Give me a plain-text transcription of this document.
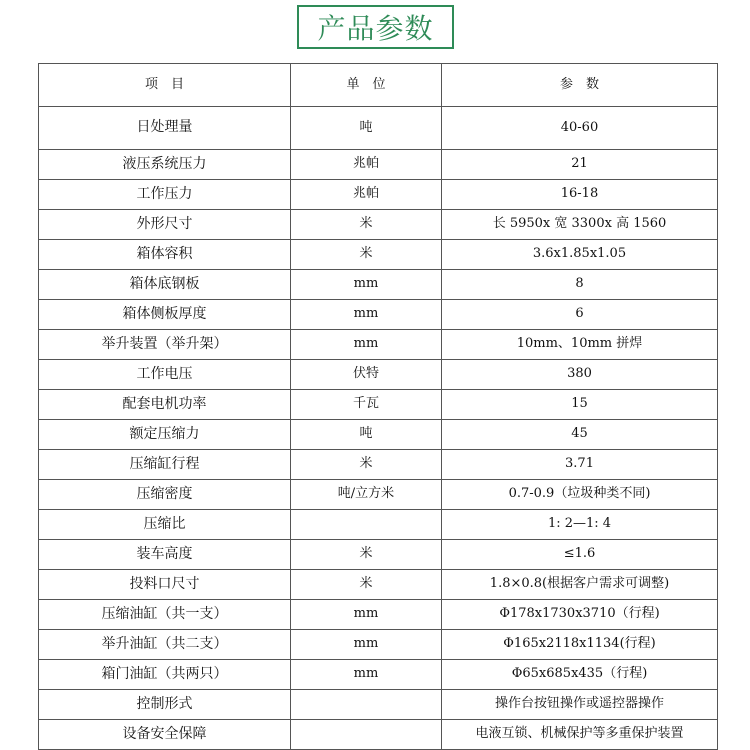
产品参数
项　目	单　位	参　数
日处理量	吨	40-60
液压系统压力	兆帕	21
工作压力	兆帕	16-18
外形尺寸	米	长 5950x 宽 3300x 高 1560
箱体容积	米	3.6x1.85x1.05
箱体底钢板	mm	8
箱体侧板厚度	mm	6
举升装置（举升架）	mm	10mm、10mm 拼焊
工作电压	伏特	380
配套电机功率	千瓦	15
额定压缩力	吨	45
压缩缸行程	米	3.71
压缩密度	吨/立方米	0.7-0.9（垃圾种类不同)
压缩比		1: 2—1: 4
装车高度	米	≤1.6
投料口尺寸	米	1.8×0.8(根据客户需求可调整)
压缩油缸（共一支）	mm	Φ178x1730x3710（行程)
举升油缸（共二支）	mm	Φ165x2118x1134(行程)
箱门油缸（共两只）	mm	Φ65x685x435（行程)
控制形式		操作台按钮操作或遥控器操作
设备安全保障		电液互锁、机械保护等多重保护装置
